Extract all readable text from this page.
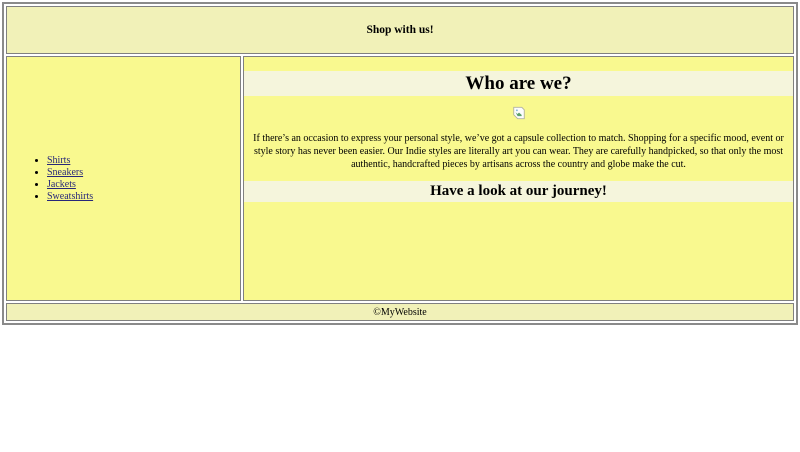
Shop with us!
• Shirts
• Sneakers
• Jackets
• Sweatshirts
Who are we?

If there’s an occasion to express your personal style, we’ve got a capsule collection to match. Shopping for a specific mood, event or style story has never been easier. Our Indie styles are literally art you can wear. They are carefully handpicked, so that only the most authentic, handcrafted pieces by artisans across the country and globe make the cut.

Have a look at our journey!
©MyWebsite
